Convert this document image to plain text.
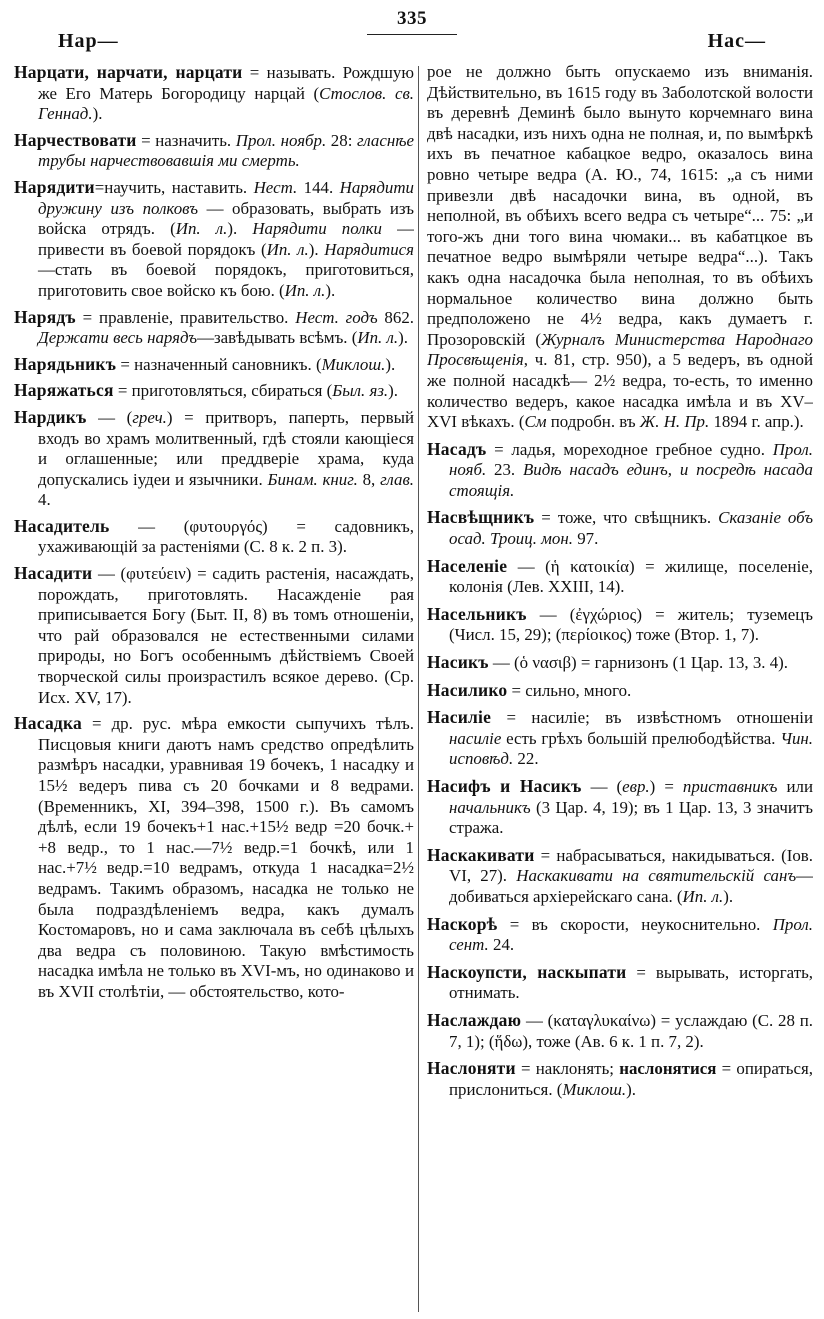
335
Нар—	Нас—

Нарцати, нарчати, нарцати = называть. Рождшую же Его Матерь Богородицу нарцай (Стослов. св. Геннад.).

Нарчествовати = назначить. Прол. ноябр. 28: гласнѣе трубы нарчествовавшiя ми смерть.

Нарядити=научить, наставить. Нест. 144. Нарядити дружину изъ полковъ — образовать, выбрать изъ войска отрядъ. (Ип. л.). Нарядити полки — привести въ боевой порядокъ (Ип. л.). Нарядитися—стать въ боевой порядокъ, приготовиться, приготовить свое войско къ бою. (Ип. л.).

Нарядъ = правленiе, правительство. Нест. годъ 862. Держати весь нарядъ—завѣдывать всѣмъ. (Ип. л.).

Нарядьникъ = назначенный сановникъ. (Миклош.).

Наряжаться = приготовляться, сбираться (Был. яз.).

Нардикъ — (греч.) = притворъ, паперть, первый входъ во храмъ молитвенный, гдѣ стояли кающiеся и оглашенные; или преддверiе храма, куда допускались iудеи и язычники. Бинам. книг. 8, глав. 4.

Насадитель — (φυτουργός) = садовникъ, ухаживающiй за растенiями (С. 8 к. 2 п. 3).

Насадити — (φυτεύειν) = садить растенiя, насаждать, порождать, приготовлять. Насажденiе рая приписывается Богу (Быт. II, 8) въ томъ отношенiи, что рай образовался не естественными силами природы, но Богъ особеннымъ дѣйствiемъ Своей творческой силы произрастилъ всякое дерево. (Ср. Исх. XV, 17).

Насадка = др. рус. мѣра емкости сыпучихъ тѣлъ. Писцовыя книги даютъ намъ средство опредѣлить размѣръ насадки, уравнивая 19 бочекъ, 1 насадку и 15½ ведеръ пива съ 20 бочками и 8 ведрами. (Временникъ, XI, 394–398, 1500 г.). Въ самомъ дѣлѣ, если 19 бочекъ+1 нас.+15½ ведр =20 бочк.+ +8 ведр., то 1 нас.—7½ ведр.=1 бочкѣ, или 1 нас.+7½ ведр.=10 ведрамъ, откуда 1 насадка=2½ ведрамъ. Такимъ образомъ, насадка не только не была подраздѣленiемъ ведра, какъ думалъ Костомаровъ, но и сама заключала въ себѣ цѣлыхъ два ведра съ половиною. Такую вмѣстимость насадка имѣла не только въ XVI-мъ, но одинаково и въ XVII столѣтiи, — обстоятельство, кото-

рое не должно быть опускаемо изъ вниманiя. Дѣйствительно, въ 1615 году въ Заболотской волости въ деревнѣ Деминѣ было вынуто корчемнаго вина двѣ насадки, изъ нихъ одна не полная, и, по вымѣркѣ ихъ въ печатное кабацкое ведро, оказалось вина ровно четыре ведра (А. Ю., 74, 1615: „а съ ними привезли двѣ насадочки вина, въ одной, въ неполной, въ обѣихъ всего ведра съ четыре“... 75: „и того-жъ дни того вина чюмаки... въ кабатцкое въ печатное ведро вымѣряли четыре ведра“...). Такъ какъ одна насадочка была неполная, то въ обѣихъ нормальное количество вина должно быть предположено не 4½ ведра, какъ думаетъ г. Прозоровскiй (Журналъ Министерства Народнаго Просвѣщенiя, ч. 81, стр. 950), а 5 ведеръ, въ одной же полной насадкѣ— 2½ ведра, то-есть, то именно количество ведеръ, какое насадка имѣла и въ XV– XVI вѣкахъ. (См подробн. въ Ж. Н. Пр. 1894 г. апр.).

Насадъ = ладья, мореходное гребное судно. Прол. нояб. 23. Видѣ насадъ единъ, и посредѣ насада стоящiя.

Насвѣщникъ = тоже, что свѣщникъ. Сказанiе объ осад. Троиц. мон. 97.

Населенiе — (ἡ κατοικία) = жилище, поселенiе, колонiя (Лев. XXIII, 14).

Насельникъ — (ἐγχώριος) = житель; туземецъ (Числ. 15, 29); (περίοικος) тоже (Втор. 1, 7).

Насикъ — (ὁ νασιβ) = гарнизонъ (1 Цар. 13, 3. 4).

Насилико = сильно, много.

Насилiе = насилiе; въ извѣстномъ отношенiи насилiе есть грѣхъ большiй прелюбодѣйства. Чин. исповѣд. 22.

Насифъ и Насикъ — (евр.) = приставникъ или начальникъ (3 Цар. 4, 19); въ 1 Цар. 13, 3 значитъ стража.

Наскакивати = набрасываться, накидываться. (Iов. VI, 27). Наскакивати на святительскiй санъ—добиваться архiерейскаго сана. (Ип. л.).

Наскорѣ = въ скорости, неукоснительно. Прол. сент. 24.

Наскоупсти, наскыпати = вырывать, исторгать, отнимать.

Наслаждаю — (καταγλυκαίνω) = услаждаю (С. 28 п. 7, 1); (ἥδω), тоже (Ав. 6 к. 1 п. 7, 2).

Наслоняти = наклонять; наслонятися = опиратьcя, прислониться. (Миклош.).
